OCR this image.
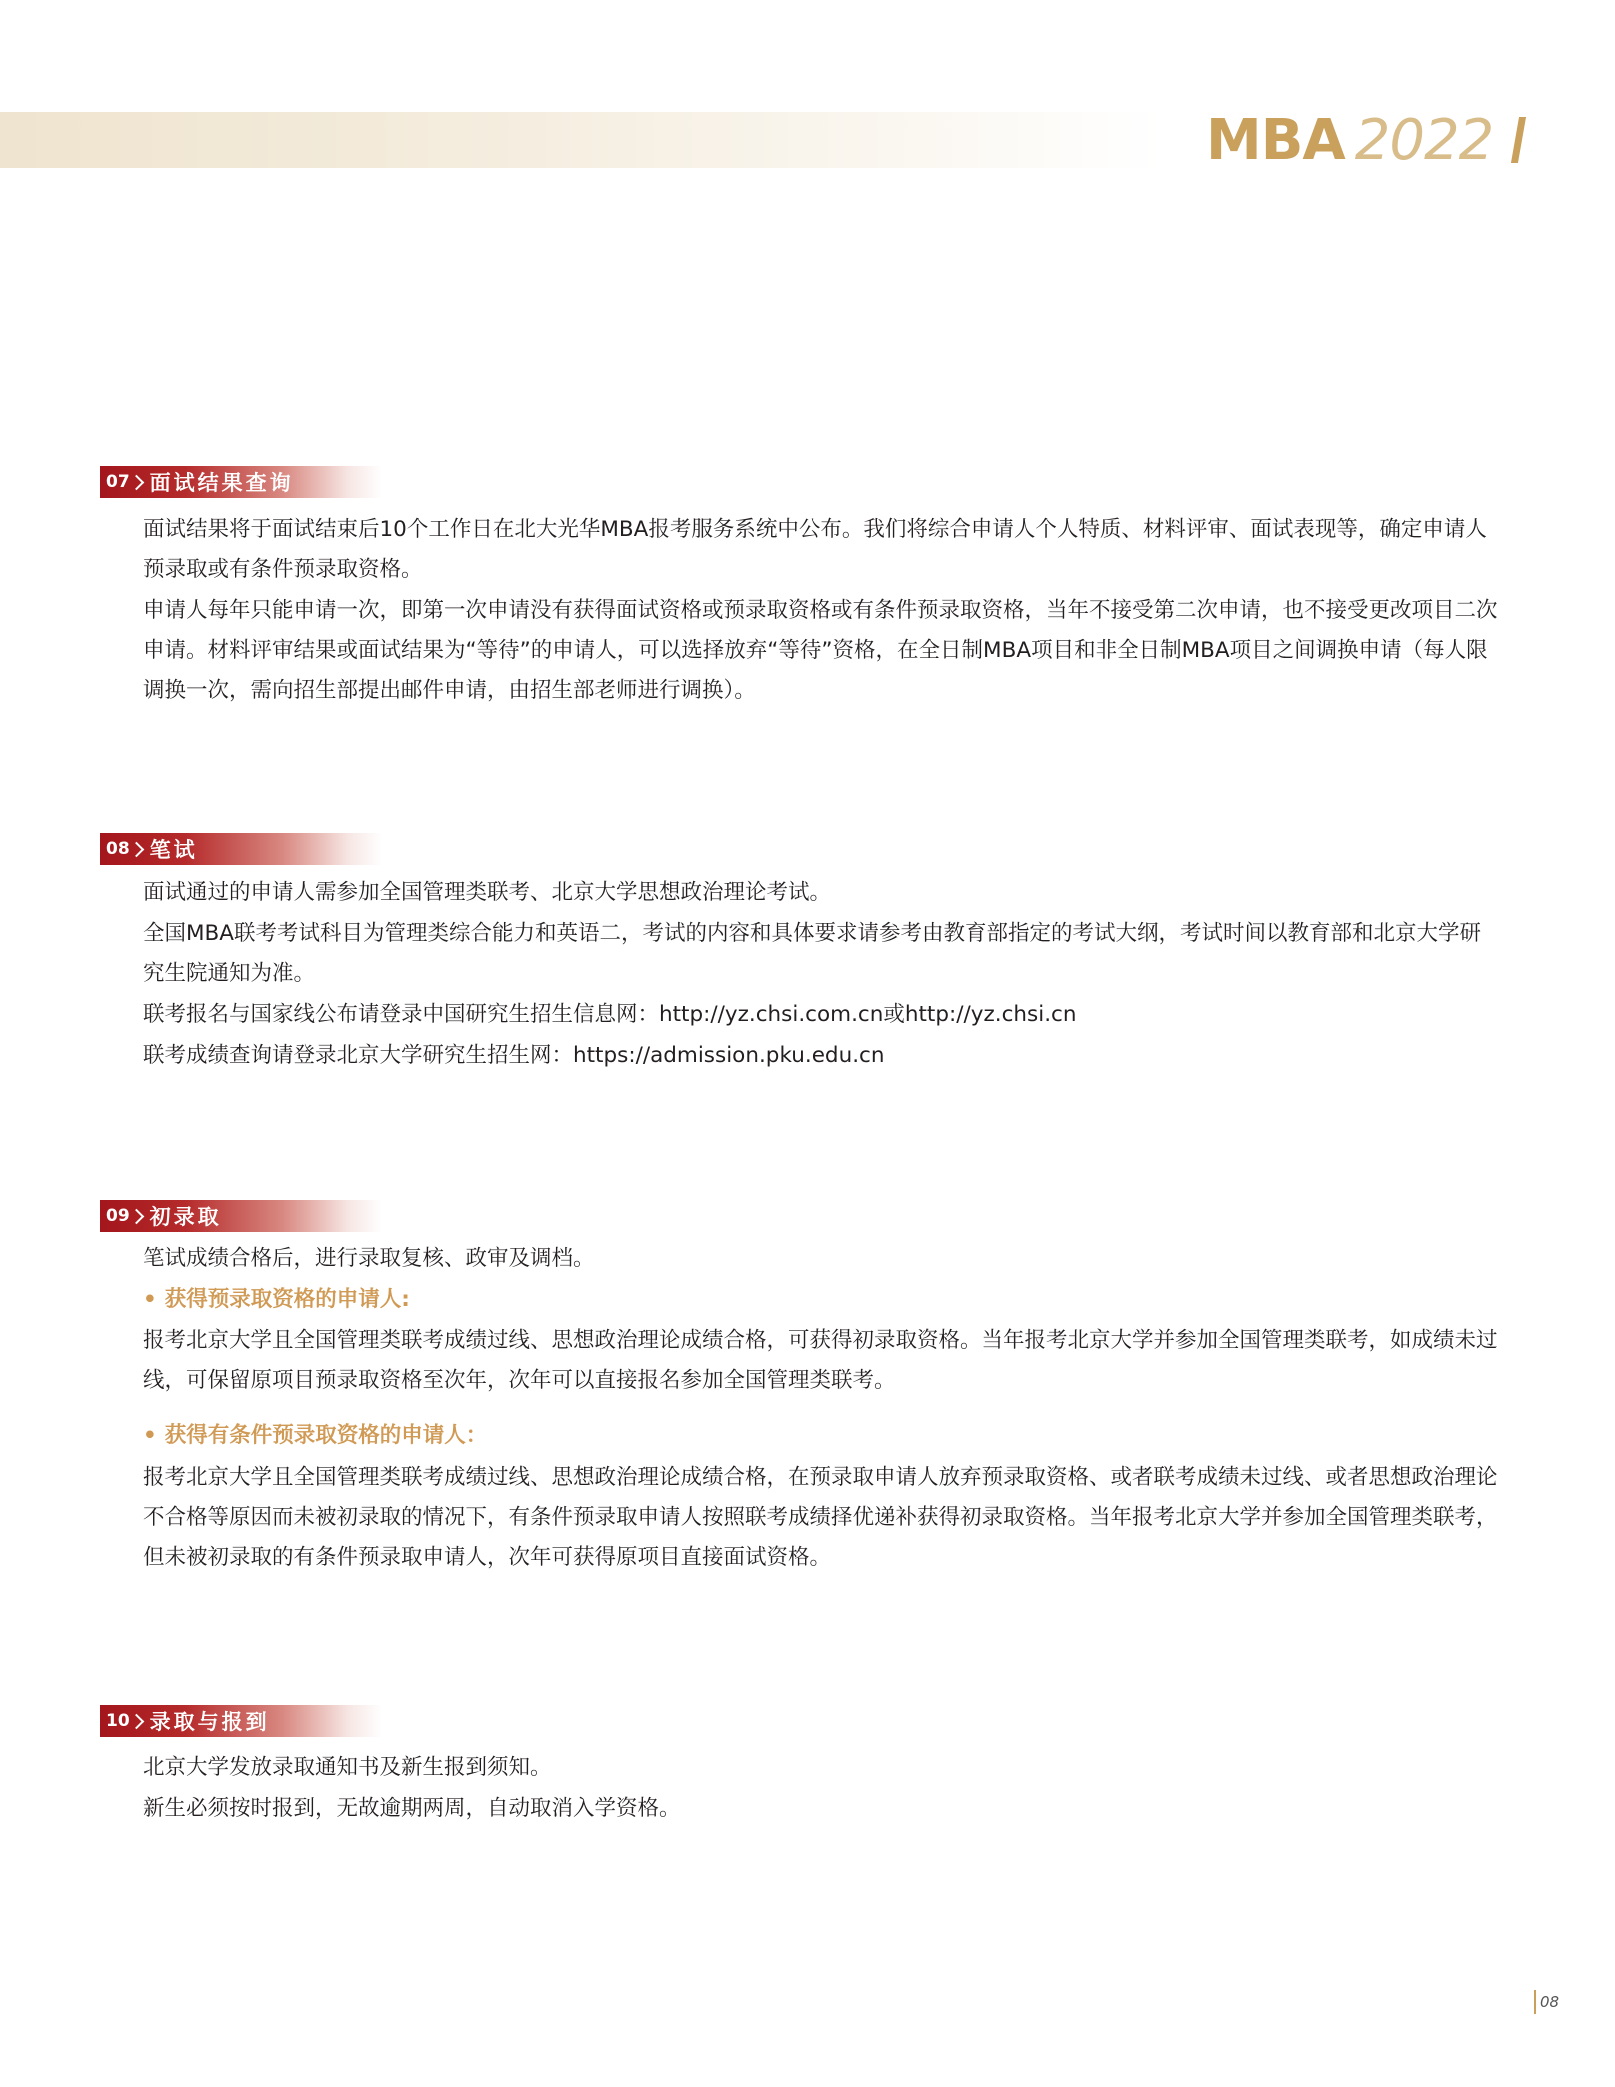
MBA 2022
07 面试结果查询

面试结果将于面试结束后10个工作日在北大光华MBA报考服务系统中公布。我们将综合申请人个人特质、材料评审、面试表现等，确定申请人预录取或有条件预录取资格。

申请人每年只能申请一次，即第一次申请没有获得面试资格或预录取资格或有条件预录取资格，当年不接受第二次申请，也不接受更改项目二次申请。材料评审结果或面试结果为“等待”的申请人，可以选择放弃“等待”资格，在全日制MBA项目和非全日制MBA项目之间调换申请（每人限调换一次，需向招生部提出邮件申请，由招生部老师进行调换）。

08 笔试

面试通过的申请人需参加全国管理类联考、北京大学思想政治理论考试。

全国MBA联考考试科目为管理类综合能力和英语二，考试的内容和具体要求请参考由教育部指定的考试大纲，考试时间以教育部和北京大学研究生院通知为准。

联考报名与国家线公布请登录中国研究生招生信息网：http://yz.chsi.com.cn或http://yz.chsi.cn

联考成绩查询请登录北京大学研究生招生网：https://admission.pku.edu.cn

09 初录取

笔试成绩合格后，进行录取复核、政审及调档。

• 获得预录取资格的申请人:

报考北京大学且全国管理类联考成绩过线、思想政治理论成绩合格，可获得初录取资格。当年报考北京大学并参加全国管理类联考，如成绩未过线，可保留原项目预录取资格至次年，次年可以直接报名参加全国管理类联考。

• 获得有条件预录取资格的申请人：

报考北京大学且全国管理类联考成绩过线、思想政治理论成绩合格，在预录取申请人放弃预录取资格、或者联考成绩未过线、或者思想政治理论不合格等原因而未被初录取的情况下，有条件预录取申请人按照联考成绩择优递补获得初录取资格。当年报考北京大学并参加全国管理类联考，但未被初录取的有条件预录取申请人，次年可获得原项目直接面试资格。

10 录取与报到

北京大学发放录取通知书及新生报到须知。

新生必须按时报到，无故逾期两周，自动取消入学资格。

08
